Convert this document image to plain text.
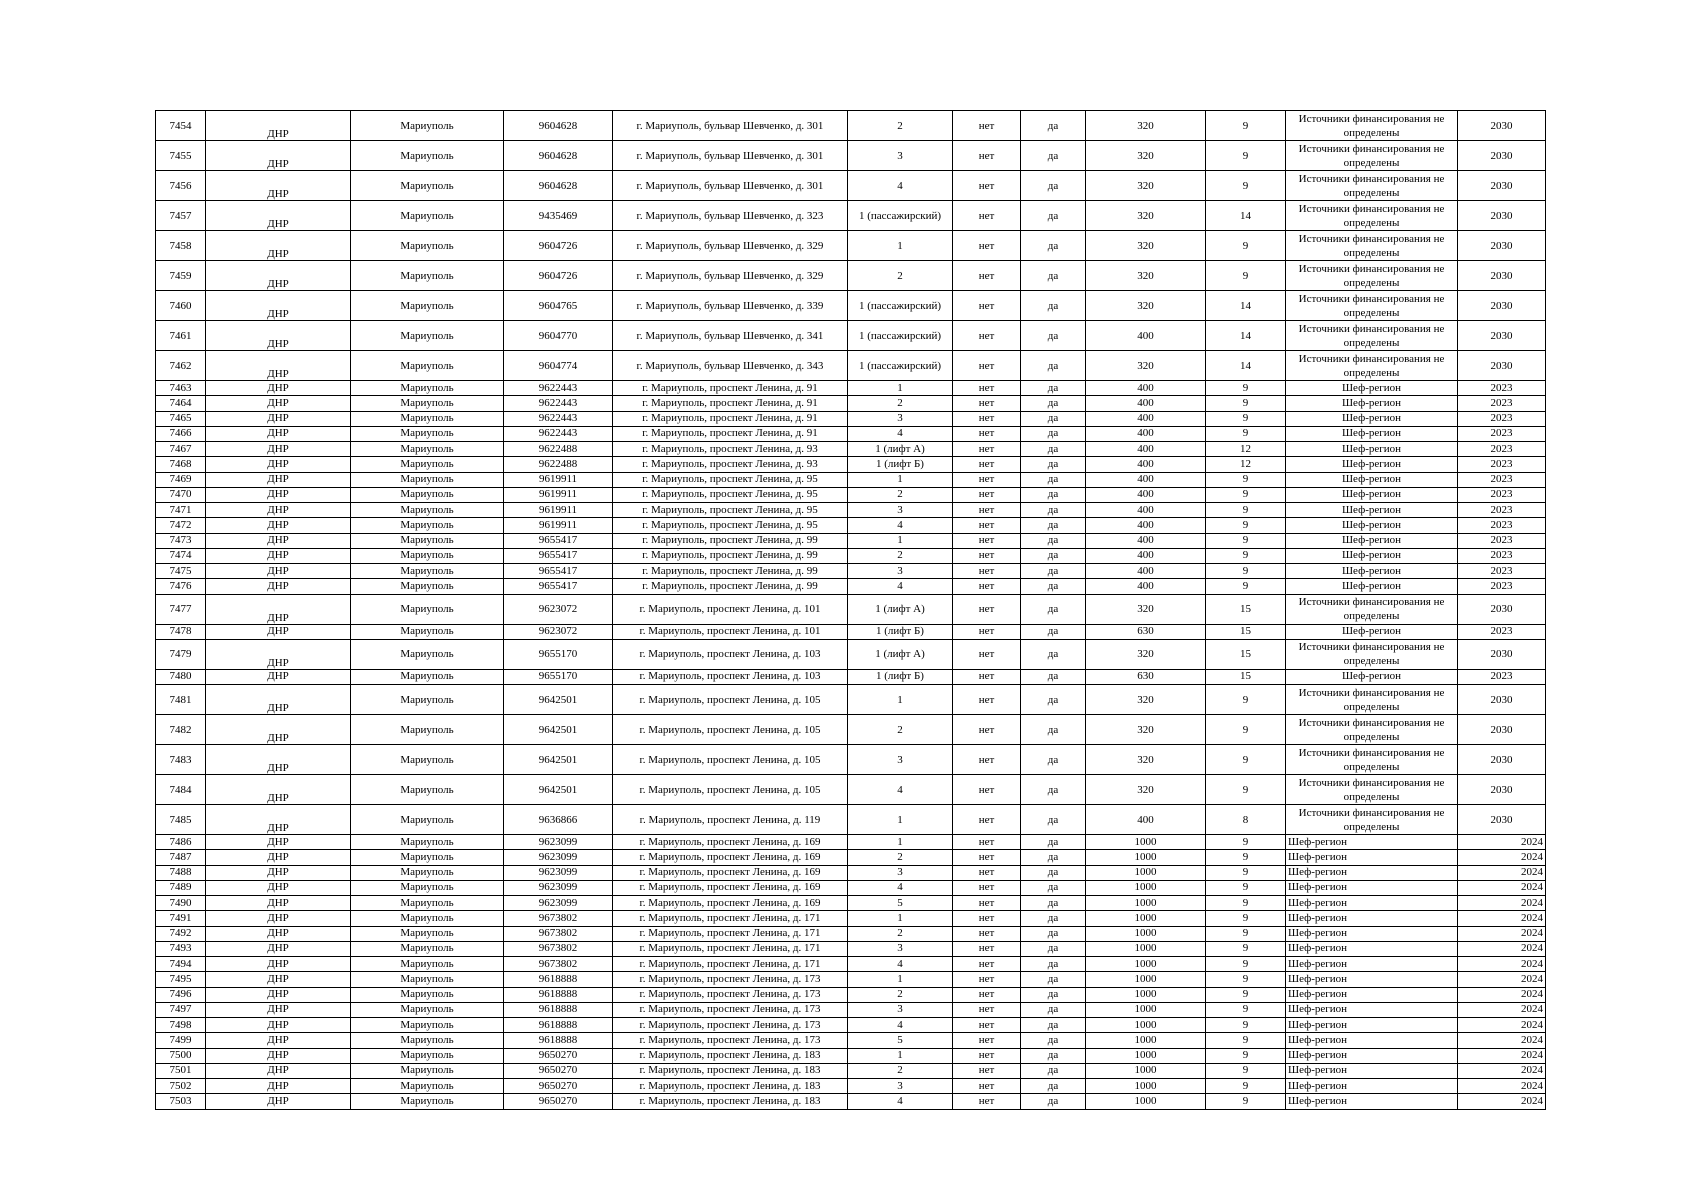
7454	ДНР	Мариуполь	9604628	г. Мариуполь, бульвар Шевченко, д. 301	2	нет	да	320	9	Источники финансирования не определены	2030
7455	ДНР	Мариуполь	9604628	г. Мариуполь, бульвар Шевченко, д. 301	3	нет	да	320	9	Источники финансирования не определены	2030
7456	ДНР	Мариуполь	9604628	г. Мариуполь, бульвар Шевченко, д. 301	4	нет	да	320	9	Источники финансирования не определены	2030
7457	ДНР	Мариуполь	9435469	г. Мариуполь, бульвар Шевченко, д. 323	1 (пассажирский)	нет	да	320	14	Источники финансирования не определены	2030
7458	ДНР	Мариуполь	9604726	г. Мариуполь, бульвар Шевченко, д. 329	1	нет	да	320	9	Источники финансирования не определены	2030
7459	ДНР	Мариуполь	9604726	г. Мариуполь, бульвар Шевченко, д. 329	2	нет	да	320	9	Источники финансирования не определены	2030
7460	ДНР	Мариуполь	9604765	г. Мариуполь, бульвар Шевченко, д. 339	1 (пассажирский)	нет	да	320	14	Источники финансирования не определены	2030
7461	ДНР	Мариуполь	9604770	г. Мариуполь, бульвар Шевченко, д. 341	1 (пассажирский)	нет	да	400	14	Источники финансирования не определены	2030
7462	ДНР	Мариуполь	9604774	г. Мариуполь, бульвар Шевченко, д. 343	1 (пассажирский)	нет	да	320	14	Источники финансирования не определены	2030
7463	ДНР	Мариуполь	9622443	г. Мариуполь, проспект Ленина, д. 91	1	нет	да	400	9	Шеф-регион	2023
7464	ДНР	Мариуполь	9622443	г. Мариуполь, проспект Ленина, д. 91	2	нет	да	400	9	Шеф-регион	2023
7465	ДНР	Мариуполь	9622443	г. Мариуполь, проспект Ленина, д. 91	3	нет	да	400	9	Шеф-регион	2023
7466	ДНР	Мариуполь	9622443	г. Мариуполь, проспект Ленина, д. 91	4	нет	да	400	9	Шеф-регион	2023
7467	ДНР	Мариуполь	9622488	г. Мариуполь, проспект Ленина, д. 93	1 (лифт А)	нет	да	400	12	Шеф-регион	2023
7468	ДНР	Мариуполь	9622488	г. Мариуполь, проспект Ленина, д. 93	1 (лифт Б)	нет	да	400	12	Шеф-регион	2023
7469	ДНР	Мариуполь	9619911	г. Мариуполь, проспект Ленина, д. 95	1	нет	да	400	9	Шеф-регион	2023
7470	ДНР	Мариуполь	9619911	г. Мариуполь, проспект Ленина, д. 95	2	нет	да	400	9	Шеф-регион	2023
7471	ДНР	Мариуполь	9619911	г. Мариуполь, проспект Ленина, д. 95	3	нет	да	400	9	Шеф-регион	2023
7472	ДНР	Мариуполь	9619911	г. Мариуполь, проспект Ленина, д. 95	4	нет	да	400	9	Шеф-регион	2023
7473	ДНР	Мариуполь	9655417	г. Мариуполь, проспект Ленина, д. 99	1	нет	да	400	9	Шеф-регион	2023
7474	ДНР	Мариуполь	9655417	г. Мариуполь, проспект Ленина, д. 99	2	нет	да	400	9	Шеф-регион	2023
7475	ДНР	Мариуполь	9655417	г. Мариуполь, проспект Ленина, д. 99	3	нет	да	400	9	Шеф-регион	2023
7476	ДНР	Мариуполь	9655417	г. Мариуполь, проспект Ленина, д. 99	4	нет	да	400	9	Шеф-регион	2023
7477	ДНР	Мариуполь	9623072	г. Мариуполь, проспект Ленина, д. 101	1 (лифт А)	нет	да	320	15	Источники финансирования не определены	2030
7478	ДНР	Мариуполь	9623072	г. Мариуполь, проспект Ленина, д. 101	1 (лифт Б)	нет	да	630	15	Шеф-регион	2023
7479	ДНР	Мариуполь	9655170	г. Мариуполь, проспект Ленина, д. 103	1 (лифт А)	нет	да	320	15	Источники финансирования не определены	2030
7480	ДНР	Мариуполь	9655170	г. Мариуполь, проспект Ленина, д. 103	1 (лифт Б)	нет	да	630	15	Шеф-регион	2023
7481	ДНР	Мариуполь	9642501	г. Мариуполь, проспект Ленина, д. 105	1	нет	да	320	9	Источники финансирования не определены	2030
7482	ДНР	Мариуполь	9642501	г. Мариуполь, проспект Ленина, д. 105	2	нет	да	320	9	Источники финансирования не определены	2030
7483	ДНР	Мариуполь	9642501	г. Мариуполь, проспект Ленина, д. 105	3	нет	да	320	9	Источники финансирования не определены	2030
7484	ДНР	Мариуполь	9642501	г. Мариуполь, проспект Ленина, д. 105	4	нет	да	320	9	Источники финансирования не определены	2030
7485	ДНР	Мариуполь	9636866	г. Мариуполь, проспект Ленина, д. 119	1	нет	да	400	8	Источники финансирования не определены	2030
7486	ДНР	Мариуполь	9623099	г. Мариуполь, проспект Ленина, д. 169	1	нет	да	1000	9	Шеф-регион	2024
7487	ДНР	Мариуполь	9623099	г. Мариуполь, проспект Ленина, д. 169	2	нет	да	1000	9	Шеф-регион	2024
7488	ДНР	Мариуполь	9623099	г. Мариуполь, проспект Ленина, д. 169	3	нет	да	1000	9	Шеф-регион	2024
7489	ДНР	Мариуполь	9623099	г. Мариуполь, проспект Ленина, д. 169	4	нет	да	1000	9	Шеф-регион	2024
7490	ДНР	Мариуполь	9623099	г. Мариуполь, проспект Ленина, д. 169	5	нет	да	1000	9	Шеф-регион	2024
7491	ДНР	Мариуполь	9673802	г. Мариуполь, проспект Ленина, д. 171	1	нет	да	1000	9	Шеф-регион	2024
7492	ДНР	Мариуполь	9673802	г. Мариуполь, проспект Ленина, д. 171	2	нет	да	1000	9	Шеф-регион	2024
7493	ДНР	Мариуполь	9673802	г. Мариуполь, проспект Ленина, д. 171	3	нет	да	1000	9	Шеф-регион	2024
7494	ДНР	Мариуполь	9673802	г. Мариуполь, проспект Ленина, д. 171	4	нет	да	1000	9	Шеф-регион	2024
7495	ДНР	Мариуполь	9618888	г. Мариуполь, проспект Ленина, д. 173	1	нет	да	1000	9	Шеф-регион	2024
7496	ДНР	Мариуполь	9618888	г. Мариуполь, проспект Ленина, д. 173	2	нет	да	1000	9	Шеф-регион	2024
7497	ДНР	Мариуполь	9618888	г. Мариуполь, проспект Ленина, д. 173	3	нет	да	1000	9	Шеф-регион	2024
7498	ДНР	Мариуполь	9618888	г. Мариуполь, проспект Ленина, д. 173	4	нет	да	1000	9	Шеф-регион	2024
7499	ДНР	Мариуполь	9618888	г. Мариуполь, проспект Ленина, д. 173	5	нет	да	1000	9	Шеф-регион	2024
7500	ДНР	Мариуполь	9650270	г. Мариуполь, проспект Ленина, д. 183	1	нет	да	1000	9	Шеф-регион	2024
7501	ДНР	Мариуполь	9650270	г. Мариуполь, проспект Ленина, д. 183	2	нет	да	1000	9	Шеф-регион	2024
7502	ДНР	Мариуполь	9650270	г. Мариуполь, проспект Ленина, д. 183	3	нет	да	1000	9	Шеф-регион	2024
7503	ДНР	Мариуполь	9650270	г. Мариуполь, проспект Ленина, д. 183	4	нет	да	1000	9	Шеф-регион	2024
